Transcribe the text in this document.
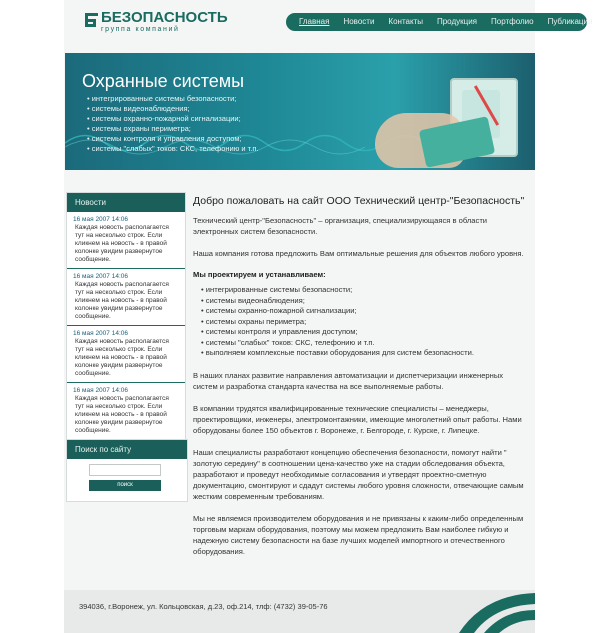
БЕЗОПАСНОСТЬ
группа компаний
Главная	Новости	Контакты	Продукция	Портфолио	Публикации
Охранные системы
• интегрированные системы безопасности;
• системы видеонаблюдения;
• системы охранно-пожарной сигнализации;
• системы охраны периметра;
• системы контроля и управления доступом;
• системы "слабых" токов: СКС, телефонию и т.п.
Новости
16 мая 2007 14:06
Каждая новость располагается тут на несколько строк. Если кликнем на новость - в правой колонке увидим развернутое сообщение.
16 мая 2007 14:06
Каждая новость располагается тут на несколько строк. Если кликнем на новость - в правой колонке увидим развернутое сообщение.
16 мая 2007 14:06
Каждая новость располагается тут на несколько строк. Если кликнем на новость - в правой колонке увидим развернутое сообщение.
16 мая 2007 14:06
Каждая новость располагается тут на несколько строк. Если кликнем на новость - в правой колонке увидим развернутое сообщение.
Поиск по сайту
поиск
Добро пожаловать на сайт ООО Технический центр-"Безопасность"

Технический центр-"Безопасность" – организация, специализирующаяся в области электронных систем безопасности.

Наша компания готова предложить Вам оптимальные решения для объектов любого уровня.

Мы проектируем и устанавливаем:
• интегрированные системы безопасности;
• системы видеонаблюдения;
• системы охранно-пожарной сигнализации;
• системы охраны периметра;
• системы контроля и управления доступом;
• системы "слабых" токов: СКС, телефонию и т.п.
• выполняем комплексные поставки оборудования для систем безопасности.

В наших планах развитие направления автоматизации и диспетчеризации инженерных систем и разработка стандарта качества на все выполняемые работы.

В компании трудятся квалифицированные технические специалисты – менеджеры, проектировщики, инженеры, электромонтажники, имеющие многолетний опыт работы. Нами оборудованы более 150 объектов г. Воронеже, г. Белгороде, г. Курске, г. Липецке.

Наши специалисты разработают концепцию обеспечения безопасности, помогут найти " золотую середину" в соотношении цена-качество уже на стадии обследования объекта, разработают и проведут необходимые согласования и утвердят проектно-сметную документацию, смонтируют и сдадут системы любого уровня сложности, отвечающие самым жестким современным требованиям.

Мы не являемся производителем оборудования и не привязаны к каким-либо определенным торговым маркам оборудования, поэтому мы можем предложить Вам наиболее гибкую и надежную систему безопасности на базе лучших моделей импортного и отечественного оборудования.

394036, г.Воронеж, ул. Кольцовская, д.23, оф.214, тлф: (4732) 39-05-76
